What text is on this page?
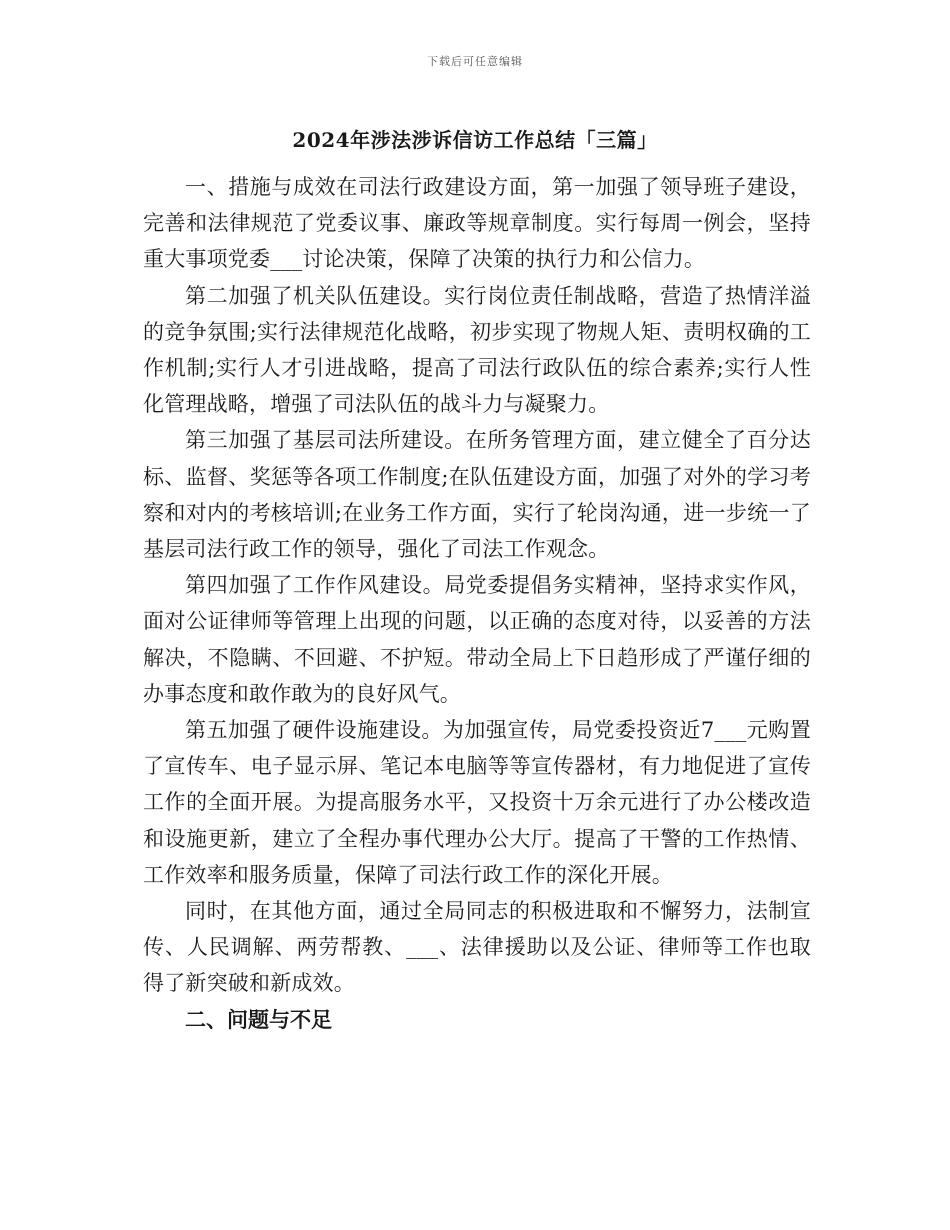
下载后可任意编辑
2024年涉法涉诉信访工作总结「三篇」

一、措施与成效在司法行政建设方面，第一加强了领导班子建设，完善和法律规范了党委议事、廉政等规章制度。实行每周一例会，坚持重大事项党委___讨论决策，保障了决策的执行力和公信力。

第二加强了机关队伍建设。实行岗位责任制战略，营造了热情洋溢的竞争氛围;实行法律规范化战略，初步实现了物规人矩、责明权确的工作机制;实行人才引进战略，提高了司法行政队伍的综合素养;实行人性化管理战略，增强了司法队伍的战斗力与凝聚力。

第三加强了基层司法所建设。在所务管理方面，建立健全了百分达标、监督、奖惩等各项工作制度;在队伍建设方面，加强了对外的学习考察和对内的考核培训;在业务工作方面，实行了轮岗沟通，进一步统一了基层司法行政工作的领导，强化了司法工作观念。

第四加强了工作作风建设。局党委提倡务实精神，坚持求实作风，面对公证律师等管理上出现的问题，以正确的态度对待，以妥善的方法解决，不隐瞒、不回避、不护短。带动全局上下日趋形成了严谨仔细的办事态度和敢作敢为的良好风气。

第五加强了硬件设施建设。为加强宣传，局党委投资近7___元购置了宣传车、电子显示屏、笔记本电脑等等宣传器材，有力地促进了宣传工作的全面开展。为提高服务水平，又投资十万余元进行了办公楼改造和设施更新，建立了全程办事代理办公大厅。提高了干警的工作热情、工作效率和服务质量，保障了司法行政工作的深化开展。

同时，在其他方面，通过全局同志的积极进取和不懈努力，法制宣传、人民调解、两劳帮教、___、法律援助以及公证、律师等工作也取得了新突破和新成效。

二、问题与不足
